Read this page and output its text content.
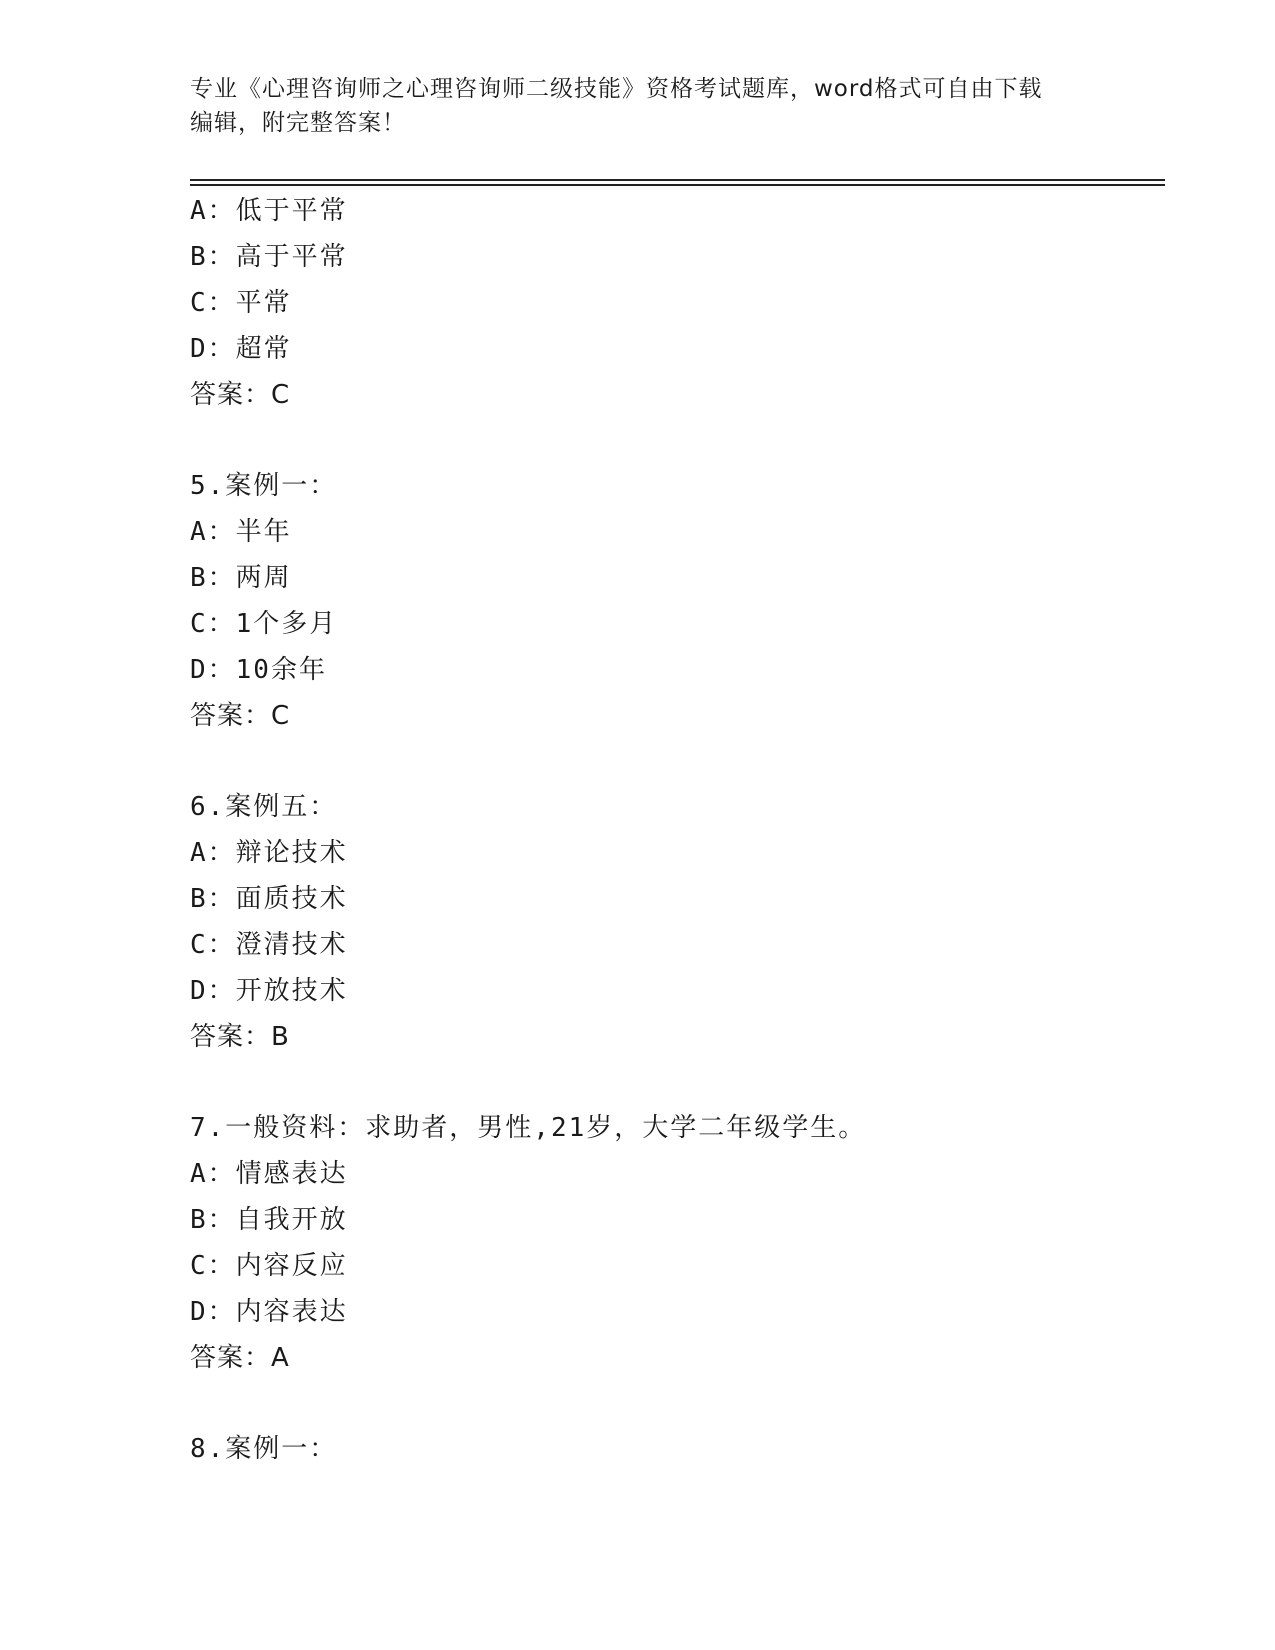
专业《心理咨询师之心理咨询师二级技能》资格考试题库，word格式可自由下载
编辑，附完整答案！
A：低于平常
B：高于平常
C：平常
D：超常
答案：C
5.案例一：
A：半年
B：两周
C：1个多月
D：10余年
答案：C
6.案例五：
A：辩论技术
B：面质技术
C：澄清技术
D：开放技术
答案：B
7.一般资料：求助者，男性,21岁，大学二年级学生。
A：情感表达
B：自我开放
C：内容反应
D：内容表达
答案：A
8.案例一：
